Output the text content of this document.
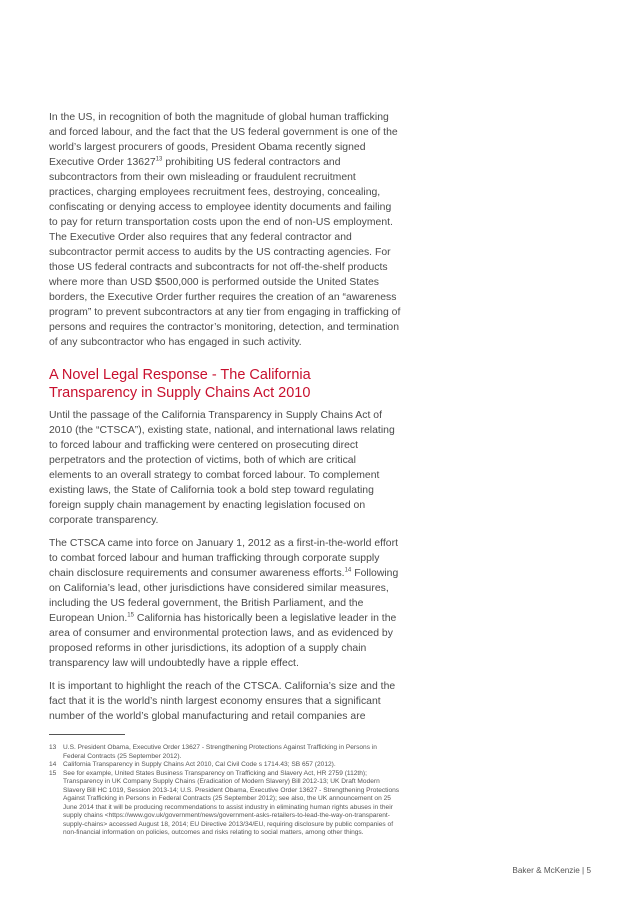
In the US, in recognition of both the magnitude of global human trafficking and forced labour, and the fact that the US federal government is one of the world’s largest procurers of goods, President Obama recently signed Executive Order 13627$^{13}$ prohibiting US federal contractors and subcontractors from their own misleading or fraudulent recruitment practices, charging employees recruitment fees, destroying, concealing, confiscating or denying access to employee identity documents and failing to pay for return transportation costs upon the end of non-US employment. The Executive Order also requires that any federal contractor and subcontractor permit access to audits by the US contracting agencies. For those US federal contracts and subcontracts for not off-the-shelf products where more than USD $500,000 is performed outside the United States borders, the Executive Order further requires the creation of an “awareness program” to prevent subcontractors at any tier from engaging in trafficking of persons and requires the contractor’s monitoring, detection, and termination of any subcontractor who has engaged in such activity.

A Novel Legal Response - The California Transparency in Supply Chains Act 2010

Until the passage of the California Transparency in Supply Chains Act of 2010 (the “CTSCA”), existing state, national, and international laws relating to forced labour and trafficking were centered on prosecuting direct perpetrators and the protection of victims, both of which are critical elements to an overall strategy to combat forced labour. To complement existing laws, the State of California took a bold step toward regulating foreign supply chain management by enacting legislation focused on corporate transparency.

The CTSCA came into force on January 1, 2012 as a first-in-the-world effort to combat forced labour and human trafficking through corporate supply chain disclosure requirements and consumer awareness efforts.$^{14}$ Following on California’s lead, other jurisdictions have considered similar measures, including the US federal government, the British Parliament, and the European Union.$^{15}$ California has historically been a legislative leader in the area of consumer and environmental protection laws, and as evidenced by proposed reforms in other jurisdictions, its adoption of a supply chain transparency law will undoubtedly have a ripple effect.

It is important to highlight the reach of the CTSCA. California’s size and the fact that it is the world’s ninth largest economy ensures that a significant number of the world’s global manufacturing and retail companies are

13	U.S. President Obama, Executive Order 13627 - Strengthening Protections Against Trafficking in Persons in Federal Contracts (25 September 2012).
14	California Transparency in Supply Chains Act 2010, Cal Civil Code s 1714.43; SB 657 (2012).
15	See for example, United States Business Transparency on Trafficking and Slavery Act, HR 2759 (112th); Transparency in UK Company Supply Chains (Eradication of Modern Slavery) Bill 2012-13; UK Draft Modern Slavery Bill HC 1019, Session 2013-14; U.S. President Obama, Executive Order 13627 - Strengthening Protections Against Trafficking in Persons in Federal Contracts (25 September 2012); see also, the UK announcement on 25 June 2014 that it will be producing recommendations to assist industry in eliminating human rights abuses in their supply chains <https://www.gov.uk/government/news/government-asks-retailers-to-lead-the-way-on-transparent-supply-chains> accessed August 18, 2014; EU Directive 2013/34/EU, requiring disclosure by public companies of non-financial information on policies, outcomes and risks relating to social matters, among other things.
Baker & McKenzie | 5
